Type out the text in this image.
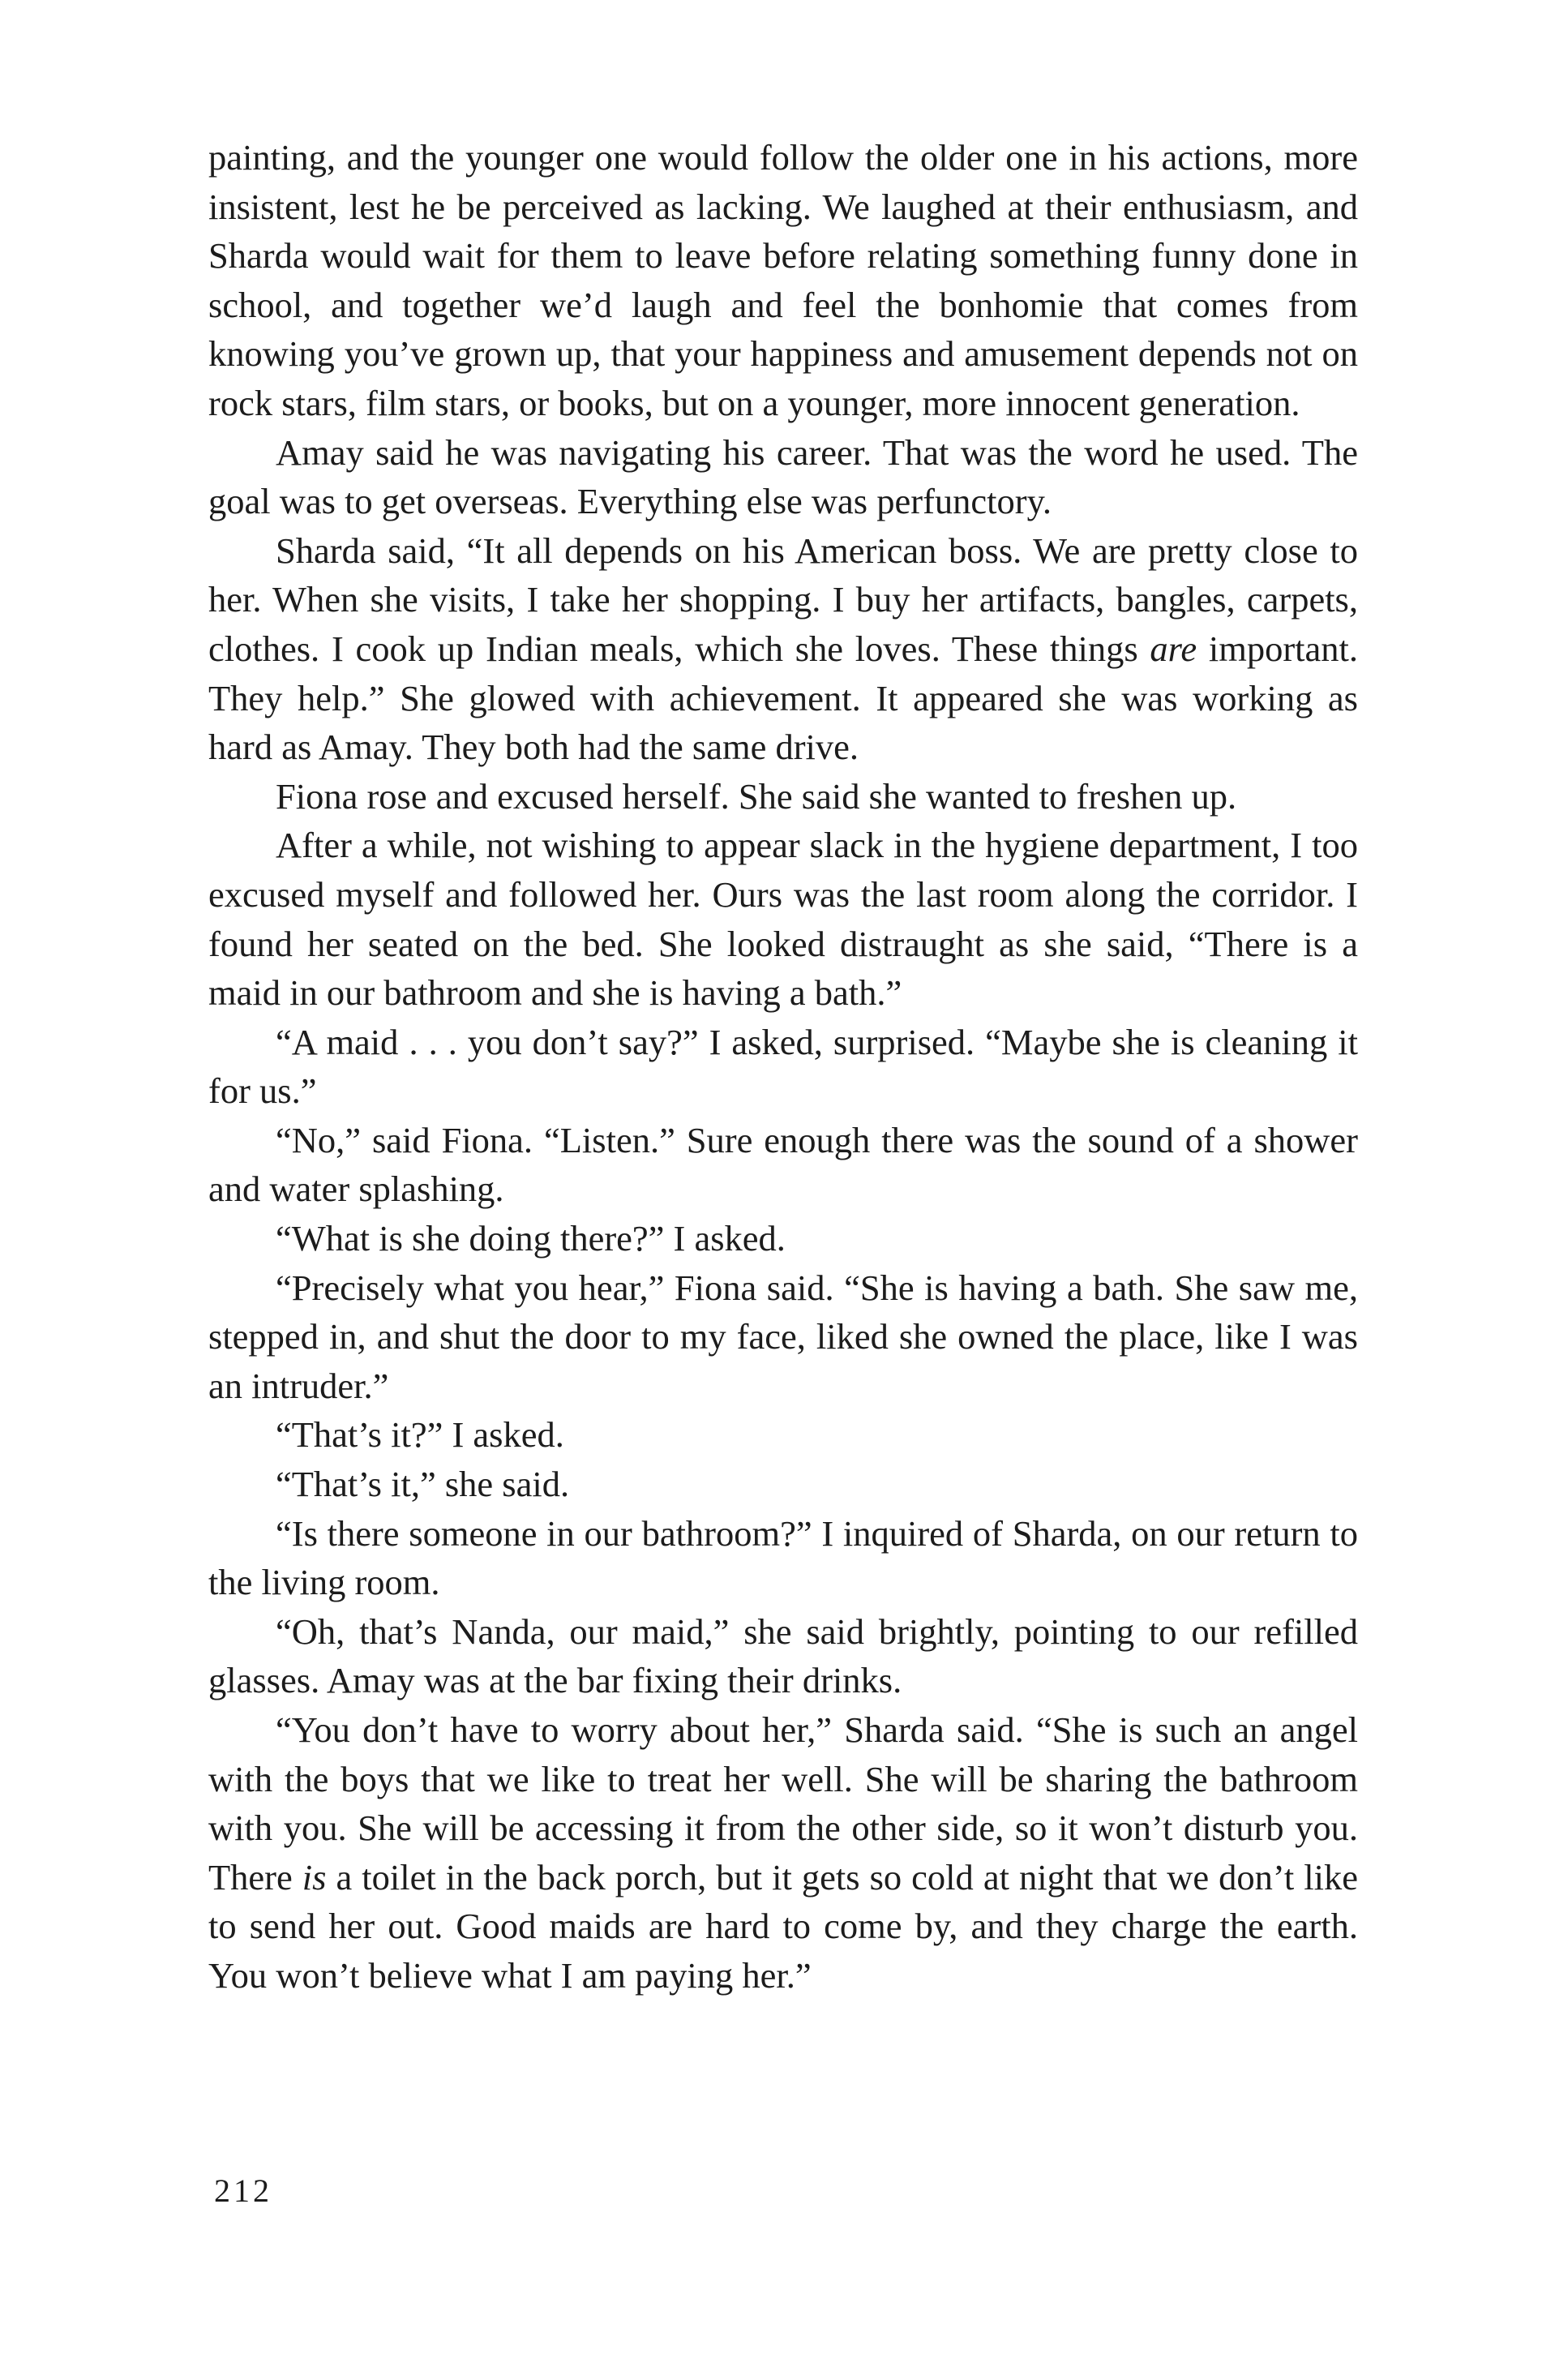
painting, and the younger one would follow the older one in his actions, more insistent, lest he be perceived as lacking. We laughed at their enthusiasm, and Sharda would wait for them to leave before relating something funny done in school, and together we’d laugh and feel the bonhomie that comes from knowing you’ve grown up, that your happiness and amusement depends not on rock stars, film stars, or books, but on a younger, more innocent generation.

Amay said he was navigating his career. That was the word he used. The goal was to get overseas. Everything else was perfunctory.

Sharda said, “It all depends on his American boss. We are pretty close to her. When she visits, I take her shopping. I buy her artifacts, bangles, carpets, clothes. I cook up Indian meals, which she loves. These things are important. They help.” She glowed with achievement. It appeared she was working as hard as Amay. They both had the same drive.

Fiona rose and excused herself. She said she wanted to freshen up.

After a while, not wishing to appear slack in the hygiene department, I too excused myself and followed her. Ours was the last room along the corridor. I found her seated on the bed. She looked distraught as she said, “There is a maid in our bathroom and she is having a bath.”

“A maid . . . you don’t say?” I asked, surprised. “Maybe she is cleaning it for us.”

“No,” said Fiona. “Listen.” Sure enough there was the sound of a shower and water splashing.

“What is she doing there?” I asked.

“Precisely what you hear,” Fiona said. “She is having a bath. She saw me, stepped in, and shut the door to my face, liked she owned the place, like I was an intruder.”

“That’s it?” I asked.

“That’s it,” she said.

“Is there someone in our bathroom?” I inquired of Sharda, on our return to the living room.

“Oh, that’s Nanda, our maid,” she said brightly, pointing to our refilled glasses. Amay was at the bar fixing their drinks.

“You don’t have to worry about her,” Sharda said. “She is such an angel with the boys that we like to treat her well. She will be sharing the bathroom with you. She will be accessing it from the other side, so it won’t disturb you. There is a toilet in the back porch, but it gets so cold at night that we don’t like to send her out. Good maids are hard to come by, and they charge the earth. You won’t believe what I am paying her.”

212
